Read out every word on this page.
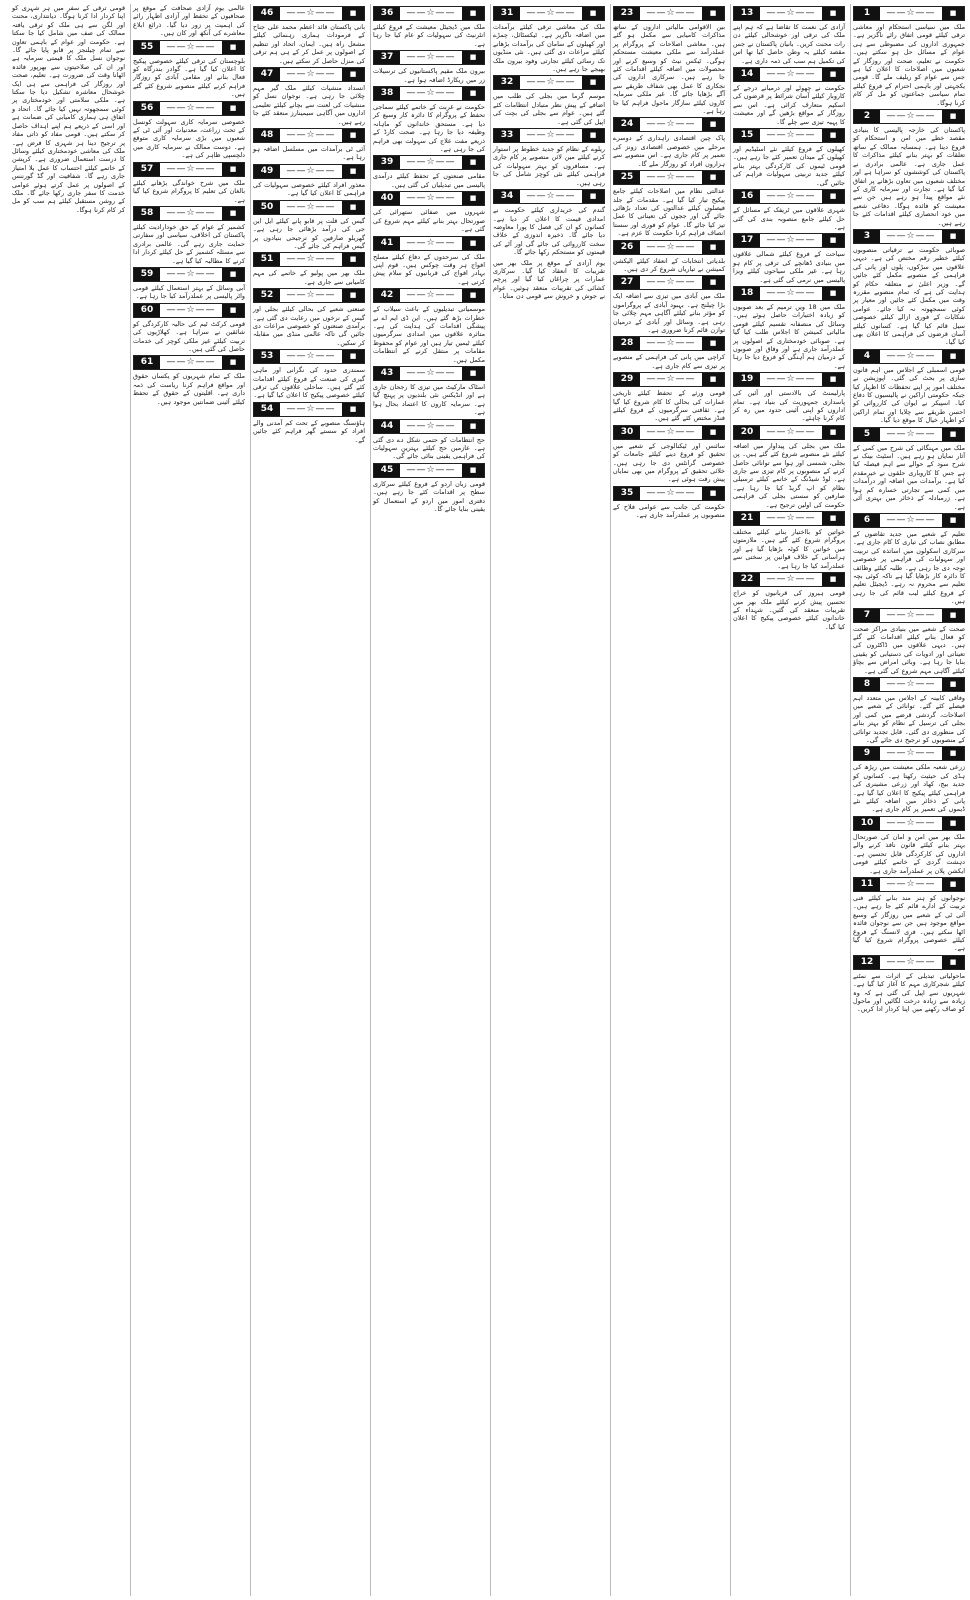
1	——☆——	■

ملک میں سیاسی استحکام اور معاشی ترقی کیلئے قومی اتفاق رائے ناگزیر ہے۔ جمہوری اداروں کی مضبوطی سے ہی عوام کے مسائل حل ہو سکتے ہیں۔ حکومت نے تعلیم، صحت اور روزگار کے شعبوں میں اصلاحات کا اعلان کیا ہے جس سے عوام کو ریلیف ملے گا۔ قومی یکجہتی اور باہمی احترام کے فروغ کیلئے تمام سیاسی جماعتوں کو مل کر کام کرنا ہوگا۔

2	——☆——	■

پاکستان کی خارجہ پالیسی کا بنیادی مقصد خطے میں امن و استحکام کو فروغ دینا ہے۔ ہمسایہ ممالک کے ساتھ تعلقات کو بہتر بنانے کیلئے مذاکرات کا عمل جاری ہے۔ عالمی برادری نے پاکستان کی کوششوں کو سراہا ہے اور مختلف شعبوں میں تعاون بڑھانے پر اتفاق کیا گیا ہے۔ تجارت اور سرمایہ کاری کے نئے مواقع پیدا ہو رہے ہیں جن سے معیشت کو فائدہ ہوگا۔ دفاعی شعبے میں خود انحصاری کیلئے اقدامات کئے جا رہے ہیں۔

3	——☆——	■

صوبائی حکومت نے ترقیاتی منصوبوں کیلئے خطیر رقم مختص کی ہے۔ دیہی علاقوں میں سڑکوں، پلوں اور پانی کی فراہمی کے منصوبے مکمل کئے جائیں گے۔ وزیر اعلیٰ نے متعلقہ حکام کو ہدایت کی ہے کہ تمام منصوبے مقررہ وقت میں مکمل کئے جائیں اور معیار پر کوئی سمجھوتہ نہ کیا جائے۔ عوامی شکایات کے فوری ازالے کیلئے خصوصی سیل قائم کیا گیا ہے۔ کسانوں کیلئے آسان قرضوں کی فراہمی کا اعلان بھی کیا گیا۔

4	——☆——	■

قومی اسمبلی کے اجلاس میں اہم قانون سازی پر بحث کی گئی۔ اپوزیشن نے مختلف امور پر اپنے تحفظات کا اظہار کیا جبکہ حکومتی اراکین نے پالیسیوں کا دفاع کیا۔ اسپیکر نے ایوان کی کارروائی کو احسن طریقے سے چلایا اور تمام اراکین کو اظہار خیال کا موقع دیا گیا۔

5	——☆——	■

ملک میں مہنگائی کی شرح میں کمی کے آثار نمایاں ہو رہے ہیں۔ اسٹیٹ بینک نے شرح سود کے حوالے سے اہم فیصلہ کیا ہے جس کا کاروباری حلقوں نے خیرمقدم کیا ہے۔ برآمدات میں اضافہ اور درآمدات میں کمی سے تجارتی خسارہ کم ہوا ہے۔ زرمبادلہ کے ذخائر میں بہتری آئی ہے۔

6	——☆——	■

تعلیم کے شعبے میں جدید تقاضوں کے مطابق نصاب کی تیاری کا کام جاری ہے۔ سرکاری اسکولوں میں اساتذہ کی تربیت اور سہولیات کی فراہمی پر خصوصی توجہ دی جا رہی ہے۔ طلبہ کیلئے وظائف کا دائرہ کار بڑھایا گیا ہے تاکہ کوئی بچہ تعلیم سے محروم نہ رہے۔ ڈیجیٹل تعلیم کے فروغ کیلئے لیب قائم کی جا رہی ہیں۔

7	——☆——	■

صحت کے شعبے میں بنیادی مراکز صحت کو فعال بنانے کیلئے اقدامات کئے گئے ہیں۔ دیہی علاقوں میں ڈاکٹروں کی تعیناتی اور ادویات کی دستیابی کو یقینی بنایا جا رہا ہے۔ وبائی امراض سے بچاؤ کیلئے آگاہی مہم شروع کی گئی ہے۔

8	——☆——	■

وفاقی کابینہ کے اجلاس میں متعدد اہم فیصلے کئے گئے۔ توانائی کے شعبے میں اصلاحات، گردشی قرضے میں کمی اور بجلی کی ترسیل کے نظام کو بہتر بنانے کی منظوری دی گئی۔ قابل تجدید توانائی کے منصوبوں کو ترجیح دی جائے گی۔

9	——☆——	■

زرعی شعبہ ملکی معیشت میں ریڑھ کی ہڈی کی حیثیت رکھتا ہے۔ کسانوں کو جدید بیج، کھاد اور زرعی مشینری کی فراہمی کیلئے پیکیج کا اعلان کیا گیا ہے۔ پانی کے ذخائر میں اضافہ کیلئے نئے ڈیموں کی تعمیر پر کام جاری ہے۔

10	——☆——	■

ملک بھر میں امن و امان کی صورتحال بہتر بنانے کیلئے قانون نافذ کرنے والے اداروں کی کارکردگی قابل تحسین ہے۔ دہشت گردی کے خاتمے کیلئے قومی ایکشن پلان پر عملدرآمد جاری ہے۔

11	——☆——	■

نوجوانوں کو ہنر مند بنانے کیلئے فنی تربیت کے ادارے قائم کئے جا رہے ہیں۔ آئی ٹی کے شعبے میں روزگار کے وسیع مواقع موجود ہیں جن سے نوجوان فائدہ اٹھا سکتے ہیں۔ فری لانسنگ کے فروغ کیلئے خصوصی پروگرام شروع کیا گیا ہے۔

12	——☆——	■

ماحولیاتی تبدیلی کے اثرات سے نمٹنے کیلئے شجرکاری مہم کا آغاز کیا گیا ہے۔ شہریوں سے اپیل کی گئی ہے کہ وہ زیادہ سے زیادہ درخت لگائیں اور ماحول کو صاف رکھنے میں اپنا کردار ادا کریں۔

13	——☆——	■

آزادی کی نعمت کا تقاضا ہے کہ ہم اپنے ملک کی ترقی اور خوشحالی کیلئے دن رات محنت کریں۔ بانیان پاکستان نے جس مقصد کیلئے یہ وطن حاصل کیا تھا اس کی تکمیل ہم سب کی ذمہ داری ہے۔

14	——☆——	■

حکومت نے چھوٹے اور درمیانے درجے کے کاروبار کیلئے آسان شرائط پر قرضوں کی اسکیم متعارف کرائی ہے۔ اس سے روزگار کے مواقع بڑھیں گے اور معیشت کا پہیہ تیزی سے چلے گا۔

15	——☆——	■

کھیلوں کے فروغ کیلئے نئے اسٹیڈیم اور کھیلوں کے میدان تعمیر کئے جا رہے ہیں۔ قومی ٹیموں کی کارکردگی بہتر بنانے کیلئے جدید تربیتی سہولیات فراہم کی جائیں گی۔

16	——☆——	■

شہری علاقوں میں ٹریفک کے مسائل کے حل کیلئے جامع منصوبہ بندی کی گئی ہے۔

17	——☆——	■

سیاحت کے فروغ کیلئے شمالی علاقوں میں بنیادی ڈھانچے کی ترقی پر کام ہو رہا ہے۔ غیر ملکی سیاحوں کیلئے ویزا پالیسی میں نرمی کی گئی ہے۔

18	——☆——	■

ملک میں 18 ویں ترمیم کے بعد صوبوں کو زیادہ اختیارات حاصل ہوئے ہیں۔ وسائل کی منصفانہ تقسیم کیلئے قومی مالیاتی کمیشن کا اجلاس طلب کیا گیا ہے۔ صوبائی خودمختاری کے اصولوں پر عملدرآمد جاری ہے اور وفاق اور صوبوں کے درمیان ہم آہنگی کو فروغ دیا جا رہا ہے۔

19	——☆——	■

پارلیمنٹ کی بالادستی اور آئین کی پاسداری جمہوریت کی بنیاد ہے۔ تمام اداروں کو اپنی آئینی حدود میں رہ کر کام کرنا چاہئے۔

20	——☆——	■

ملک میں بجلی کی پیداوار میں اضافہ کیلئے نئے منصوبے شروع کئے گئے ہیں۔ پن بجلی، شمسی اور ہوا سے توانائی حاصل کرنے کے منصوبوں پر کام تیزی سے جاری ہے۔ لوڈ شیڈنگ کے خاتمے کیلئے ترسیلی نظام کو اپ گریڈ کیا جا رہا ہے۔ صارفین کو سستی بجلی کی فراہمی حکومت کی اولین ترجیح ہے۔

21	——☆——	■

خواتین کو بااختیار بنانے کیلئے مختلف پروگرام شروع کئے گئے ہیں۔ ملازمتوں میں خواتین کا کوٹہ بڑھایا گیا ہے اور ہراسانی کے خلاف قوانین پر سختی سے عملدرآمد کیا جا رہا ہے۔

22	——☆——	■

قومی ہیروز کی قربانیوں کو خراج تحسین پیش کرنے کیلئے ملک بھر میں تقریبات منعقد کی گئیں۔ شہداء کے خاندانوں کیلئے خصوصی پیکیج کا اعلان کیا گیا۔

23	——☆——	■

بین الاقوامی مالیاتی اداروں کے ساتھ مذاکرات کامیابی سے مکمل ہو گئے ہیں۔ معاشی اصلاحات کے پروگرام پر عملدرآمد سے ملکی معیشت مستحکم ہوگی۔ ٹیکس نیٹ کو وسیع کرنے اور محصولات میں اضافہ کیلئے اقدامات کئے جا رہے ہیں۔ سرکاری اداروں کی نجکاری کا عمل بھی شفاف طریقے سے آگے بڑھایا جائے گا۔ غیر ملکی سرمایہ کاروں کیلئے سازگار ماحول فراہم کیا جا رہا ہے۔

24	——☆——	■

پاک چین اقتصادی راہداری کے دوسرے مرحلے میں خصوصی اقتصادی زونز کی تعمیر پر کام جاری ہے۔ اس منصوبے سے ہزاروں افراد کو روزگار ملے گا۔

25	——☆——	■

عدالتی نظام میں اصلاحات کیلئے جامع پیکیج تیار کیا گیا ہے۔ مقدمات کے جلد فیصلوں کیلئے عدالتوں کی تعداد بڑھائی جائے گی اور ججوں کی تعیناتی کا عمل تیز کیا جائے گا۔ عوام کو فوری اور سستا انصاف فراہم کرنا حکومت کا عزم ہے۔

26	——☆——	■

بلدیاتی انتخابات کے انعقاد کیلئے الیکشن کمیشن نے تیاریاں شروع کر دی ہیں۔

27	——☆——	■

ملک میں آبادی میں تیزی سے اضافہ ایک بڑا چیلنج ہے۔ بہبود آبادی کے پروگراموں کو مؤثر بنانے کیلئے آگاہی مہم چلائی جا رہی ہے۔ وسائل اور آبادی کے درمیان توازن قائم کرنا ضروری ہے۔

28	——☆——	■

کراچی میں پانی کی فراہمی کے منصوبے پر تیزی سے کام جاری ہے۔

29	——☆——	■

قومی ورثے کے تحفظ کیلئے تاریخی عمارات کی بحالی کا کام شروع کیا گیا ہے۔ ثقافتی سرگرمیوں کے فروغ کیلئے فنڈز مختص کئے گئے ہیں۔

30	——☆——	■

سائنس اور ٹیکنالوجی کے شعبے میں تحقیق کو فروغ دینے کیلئے جامعات کو خصوصی گرانٹس دی جا رہی ہیں۔ خلائی تحقیق کے پروگرام میں بھی نمایاں پیش رفت ہوئی ہے۔

35	——☆——	■

حکومت کی جانب سے عوامی فلاح کے منصوبوں پر عملدرآمد جاری ہے۔

31	——☆——	■

ملک کی معاشی ترقی کیلئے برآمدات میں اضافہ ناگزیر ہے۔ ٹیکسٹائل، چمڑے اور کھیلوں کے سامان کی برآمدات بڑھانے کیلئے مراعات دی گئی ہیں۔ نئی منڈیوں تک رسائی کیلئے تجارتی وفود بیرون ملک بھیجے جا رہے ہیں۔

32	——☆——	■

موسم گرما میں بجلی کی طلب میں اضافے کے پیش نظر متبادل انتظامات کئے گئے ہیں۔ عوام سے بجلی کی بچت کی اپیل کی گئی ہے۔

33	——☆——	■

ریلوے کے نظام کو جدید خطوط پر استوار کرنے کیلئے مین لائن منصوبے پر کام جاری ہے۔ مسافروں کو بہتر سہولیات کی فراہمی کیلئے نئی کوچز شامل کی جا رہی ہیں۔

34	——☆——	■

گندم کی خریداری کیلئے حکومت نے امدادی قیمت کا اعلان کر دیا ہے۔ کسانوں کو ان کی فصل کا پورا معاوضہ دیا جائے گا۔ ذخیرہ اندوزی کے خلاف سخت کارروائی کی جائے گی اور آٹے کی قیمتوں کو مستحکم رکھا جائے گا۔

یوم آزادی کے موقع پر ملک بھر میں تقریبات کا انعقاد کیا گیا۔ سرکاری عمارات پر چراغاں کیا گیا اور پرچم کشائی کی تقریبات منعقد ہوئیں۔ عوام نے جوش و خروش سے قومی دن منایا۔

36	——☆——	■

ملک میں ڈیجیٹل معیشت کے فروغ کیلئے انٹرنیٹ کی سہولیات کو عام کیا جا رہا ہے۔

37	——☆——	■

بیرون ملک مقیم پاکستانیوں کی ترسیلات زر میں ریکارڈ اضافہ ہوا ہے۔

38	——☆——	■

حکومت نے غربت کے خاتمے کیلئے سماجی تحفظ کے پروگرام کا دائرہ کار وسیع کر دیا ہے۔ مستحق خاندانوں کو ماہانہ وظیفہ دیا جا رہا ہے۔ صحت کارڈ کے ذریعے مفت علاج کی سہولت بھی فراہم کی جا رہی ہے۔

39	——☆——	■

مقامی صنعتوں کے تحفظ کیلئے درآمدی پالیسی میں تبدیلیاں کی گئی ہیں۔

40	——☆——	■

شہروں میں صفائی ستھرائی کی صورتحال بہتر بنانے کیلئے مہم شروع کی گئی ہے۔

41	——☆——	■

ملک کی سرحدوں کے دفاع کیلئے مسلح افواج ہر وقت چوکس ہیں۔ قوم اپنی بہادر افواج کی قربانیوں کو سلام پیش کرتی ہے۔

42	——☆——	■

موسمیاتی تبدیلیوں کے باعث سیلاب کے خطرات بڑھ گئے ہیں۔ این ڈی ایم اے نے پیشگی اقدامات کی ہدایت کی ہے۔ متاثرہ علاقوں میں امدادی سرگرمیوں کیلئے ٹیمیں تیار ہیں اور عوام کو محفوظ مقامات پر منتقل کرنے کے انتظامات مکمل ہیں۔

43	——☆——	■

اسٹاک مارکیٹ میں تیزی کا رجحان جاری ہے اور انڈیکس نئی بلندیوں پر پہنچ گیا ہے۔ سرمایہ کاروں کا اعتماد بحال ہوا ہے۔

44	——☆——	■

حج انتظامات کو حتمی شکل دے دی گئی ہے۔ عازمین حج کیلئے بہترین سہولیات کی فراہمی یقینی بنائی جائے گی۔

45	——☆——	■

قومی زبان اردو کے فروغ کیلئے سرکاری سطح پر اقدامات کئے جا رہے ہیں۔ دفتری امور میں اردو کے استعمال کو یقینی بنایا جائے گا۔

46	——☆——	■

بانی پاکستان قائد اعظم محمد علی جناح کے فرمودات ہماری رہنمائی کیلئے مشعل راہ ہیں۔ ایمان، اتحاد اور تنظیم کے اصولوں پر عمل کر کے ہی ہم ترقی کی منزل حاصل کر سکتے ہیں۔

47	——☆——	■

انسداد منشیات کیلئے ملک گیر مہم چلائی جا رہی ہے۔ نوجوان نسل کو منشیات کی لعنت سے بچانے کیلئے تعلیمی اداروں میں آگاہی سیمینارز منعقد کئے جا رہے ہیں۔

48	——☆——	■

آئی ٹی برآمدات میں مسلسل اضافہ ہو رہا ہے۔

49	——☆——	■

معذور افراد کیلئے خصوصی سہولیات کی فراہمی کا اعلان کیا گیا ہے۔

50	——☆——	■

گیس کی قلت پر قابو پانے کیلئے ایل این جی کی درآمد بڑھائی جا رہی ہے۔ گھریلو صارفین کو ترجیحی بنیادوں پر گیس فراہم کی جائے گی۔

51	——☆——	■

ملک بھر میں پولیو کے خاتمے کی مہم کامیابی سے جاری ہے۔

52	——☆——	■

صنعتی شعبے کی بحالی کیلئے بجلی اور گیس کے نرخوں میں رعایت دی گئی ہے۔ برآمدی صنعتوں کو خصوصی مراعات دی جائیں گی تاکہ عالمی منڈی میں مقابلہ کر سکیں۔

53	——☆——	■

سمندری حدود کی نگرانی اور ماہی گیری کی صنعت کے فروغ کیلئے اقدامات کئے گئے ہیں۔ ساحلی علاقوں کی ترقی کیلئے خصوصی پیکیج کا اعلان کیا گیا ہے۔

54	——☆——	■

ہاؤسنگ منصوبے کے تحت کم آمدنی والے افراد کو سستے گھر فراہم کئے جائیں گے۔

عالمی یوم آزادی صحافت کے موقع پر صحافیوں کے تحفظ اور آزادی اظہار رائے کی اہمیت پر زور دیا گیا۔ ذرائع ابلاغ معاشرے کی آنکھ اور کان ہیں۔

55	——☆——	■

بلوچستان کی ترقی کیلئے خصوصی پیکیج کا اعلان کیا گیا ہے۔ گوادر بندرگاہ کو فعال بنانے اور مقامی آبادی کو روزگار فراہم کرنے کیلئے منصوبے شروع کئے گئے ہیں۔

56	——☆——	■

خصوصی سرمایہ کاری سہولت کونسل کے تحت زراعت، معدنیات اور آئی ٹی کے شعبوں میں بڑی سرمایہ کاری متوقع ہے۔ دوست ممالک نے سرمایہ کاری میں دلچسپی ظاہر کی ہے۔

57	——☆——	■

ملک میں شرح خواندگی بڑھانے کیلئے بالغان کی تعلیم کا پروگرام شروع کیا گیا ہے۔

58	——☆——	■

کشمیر کے عوام کے حق خودارادیت کیلئے پاکستان کی اخلاقی، سیاسی اور سفارتی حمایت جاری رہے گی۔ عالمی برادری سے مسئلہ کشمیر کے حل کیلئے کردار ادا کرنے کا مطالبہ کیا گیا ہے۔

59	——☆——	■

آبی وسائل کے بہتر استعمال کیلئے قومی واٹر پالیسی پر عملدرآمد کیا جا رہا ہے۔

60	——☆——	■

قومی کرکٹ ٹیم کی حالیہ کارکردگی کو شائقین نے سراہا ہے۔ کھلاڑیوں کی تربیت کیلئے غیر ملکی کوچز کی خدمات حاصل کی گئی ہیں۔

61	——☆——	■

ملک کے تمام شہریوں کو یکساں حقوق اور مواقع فراہم کرنا ریاست کی ذمہ داری ہے۔ اقلیتوں کے حقوق کے تحفظ کیلئے آئینی ضمانتیں موجود ہیں۔

قومی ترقی کے سفر میں ہر شہری کو اپنا کردار ادا کرنا ہوگا۔ دیانتداری، محنت اور لگن سے ہی ملک کو ترقی یافتہ ممالک کی صف میں شامل کیا جا سکتا ہے۔ حکومت اور عوام کے باہمی تعاون سے تمام چیلنجز پر قابو پایا جائے گا۔ نوجوان نسل ملک کا قیمتی سرمایہ ہے اور ان کی صلاحیتوں سے بھرپور فائدہ اٹھانا وقت کی ضرورت ہے۔ تعلیم، صحت اور روزگار کی فراہمی سے ہی ایک خوشحال معاشرہ تشکیل دیا جا سکتا ہے۔ ملکی سلامتی اور خودمختاری پر کوئی سمجھوتہ نہیں کیا جائے گا۔ اتحاد و اتفاق ہی ہماری کامیابی کی ضمانت ہے اور اسی کے ذریعے ہم اپنے اہداف حاصل کر سکتے ہیں۔ قومی مفاد کو ذاتی مفاد پر ترجیح دینا ہر شہری کا فرض ہے۔ ملک کی معاشی خودمختاری کیلئے وسائل کا درست استعمال ضروری ہے۔ کرپشن کے خاتمے کیلئے احتساب کا عمل بلا امتیاز جاری رہے گا۔ شفافیت اور گڈ گورننس کے اصولوں پر عمل کرتے ہوئے عوامی خدمت کا سفر جاری رکھا جائے گا۔ ملک کے روشن مستقبل کیلئے ہم سب کو مل کر کام کرنا ہوگا۔
